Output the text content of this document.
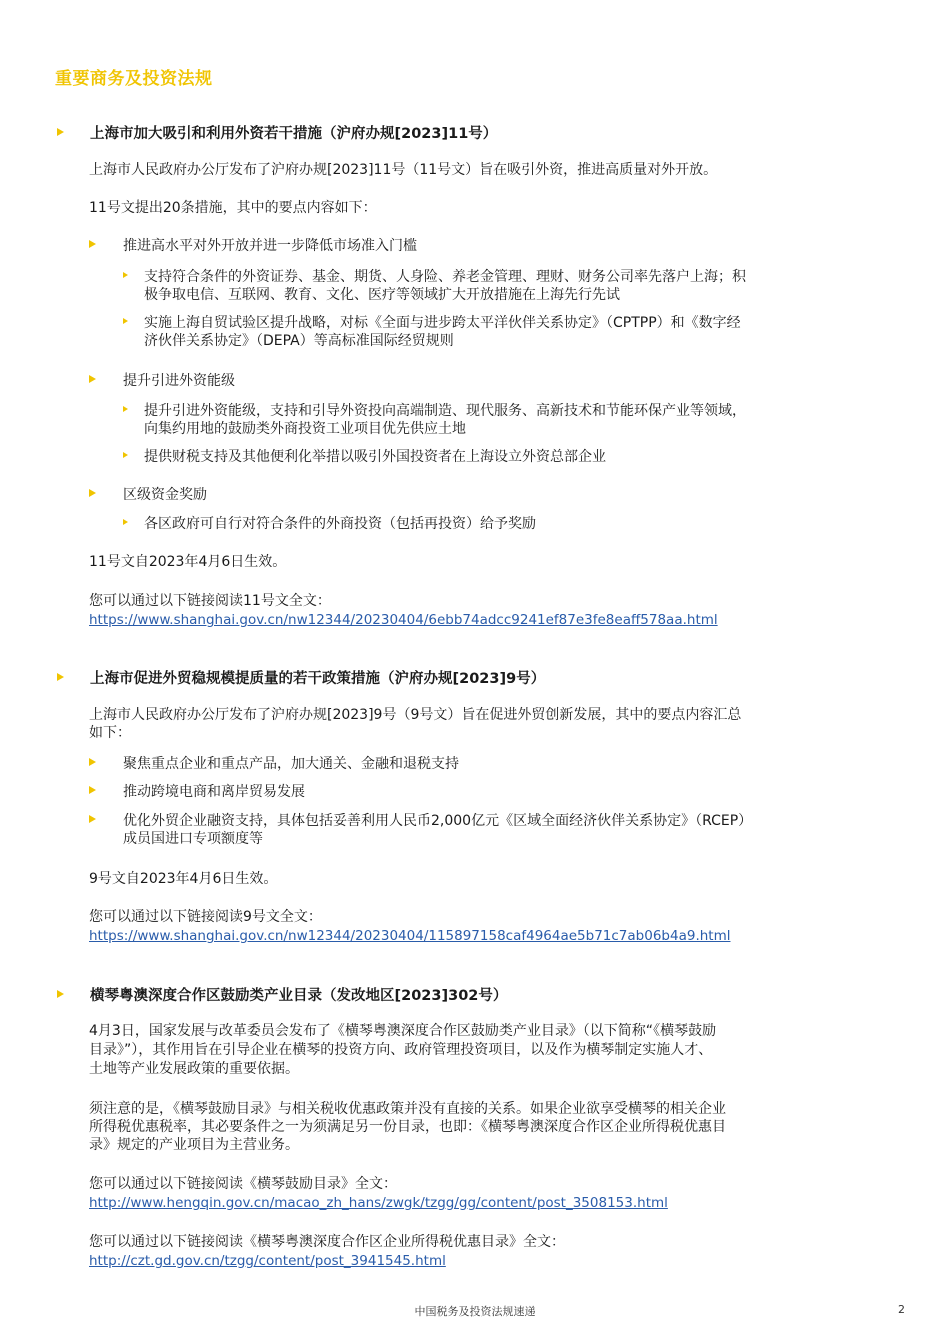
重要商务及投资法规
上海市加大吸引和利用外资若干措施（沪府办规[2023]11号）
上海市人民政府办公厅发布了沪府办规[2023]11号（11号文）旨在吸引外资，推进高质量对外开放。
11号文提出20条措施，其中的要点内容如下：
推进高水平对外开放并进一步降低市场准入门槛
支持符合条件的外资证券、基金、期货、人身险、养老金管理、理财、财务公司率先落户上海；积
极争取电信、互联网、教育、文化、医疗等领域扩大开放措施在上海先行先试
实施上海自贸试验区提升战略，对标《全面与进步跨太平洋伙伴关系协定》（CPTPP）和《数字经
济伙伴关系协定》（DEPA）等高标准国际经贸规则
提升引进外资能级
提升引进外资能级，支持和引导外资投向高端制造、现代服务、高新技术和节能环保产业等领域，
向集约用地的鼓励类外商投资工业项目优先供应土地
提供财税支持及其他便利化举措以吸引外国投资者在上海设立外资总部企业
区级资金奖励
各区政府可自行对符合条件的外商投资（包括再投资）给予奖励
11号文自2023年4月6日生效。
您可以通过以下链接阅读11号文全文：
https://www.shanghai.gov.cn/nw12344/20230404/6ebb74adcc9241ef87e3fe8eaff578aa.html
上海市促进外贸稳规模提质量的若干政策措施（沪府办规[2023]9号）
上海市人民政府办公厅发布了沪府办规[2023]9号（9号文）旨在促进外贸创新发展，其中的要点内容汇总
如下：
聚焦重点企业和重点产品，加大通关、金融和退税支持
推动跨境电商和离岸贸易发展
优化外贸企业融资支持，具体包括妥善利用人民币2,000亿元《区域全面经济伙伴关系协定》（RCEP）
成员国进口专项额度等
9号文自2023年4月6日生效。
您可以通过以下链接阅读9号文全文：
https://www.shanghai.gov.cn/nw12344/20230404/115897158caf4964ae5b71c7ab06b4a9.html
横琴粤澳深度合作区鼓励类产业目录（发改地区[2023]302号）
4月3日，国家发展与改革委员会发布了《横琴粤澳深度合作区鼓励类产业目录》（以下简称“《横琴鼓励
目录》”），其作用旨在引导企业在横琴的投资方向、政府管理投资项目，以及作为横琴制定实施人才、
土地等产业发展政策的重要依据。
须注意的是，《横琴鼓励目录》与相关税收优惠政策并没有直接的关系。如果企业欲享受横琴的相关企业
所得税优惠税率，其必要条件之一为须满足另一份目录，也即：《横琴粤澳深度合作区企业所得税优惠目
录》规定的产业项目为主营业务。
您可以通过以下链接阅读《横琴鼓励目录》全文：
http://www.hengqin.gov.cn/macao_zh_hans/zwgk/tzgg/gg/content/post_3508153.html
您可以通过以下链接阅读《横琴粤澳深度合作区企业所得税优惠目录》全文：
http://czt.gd.gov.cn/tzgg/content/post_3941545.html
中国税务及投资法规速递	2
